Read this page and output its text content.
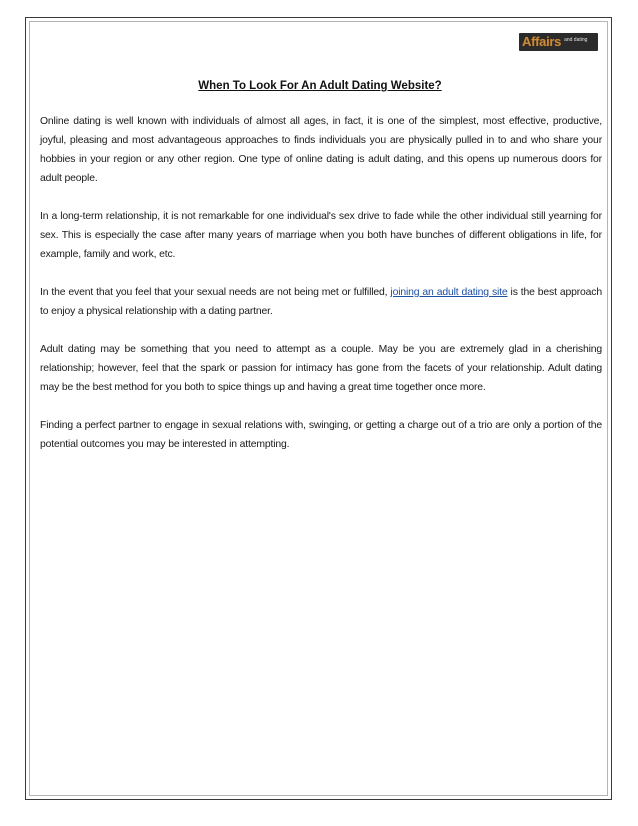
Affairs and dating
When To Look For An Adult Dating Website?

Online dating is well known with individuals of almost all ages, in fact, it is one of the simplest, most effective, productive, joyful, pleasing and most advantageous approaches to finds individuals you are physically pulled in to and who share your hobbies in your region or any other region. One type of online dating is adult dating, and this opens up numerous doors for adult people.

In a long-term relationship, it is not remarkable for one individual's sex drive to fade while the other individual still yearning for sex. This is especially the case after many years of marriage when you both have bunches of different obligations in life, for example, family and work, etc.

In the event that you feel that your sexual needs are not being met or fulfilled, joining an adult dating site is the best approach to enjoy a physical relationship with a dating partner.

Adult dating may be something that you need to attempt as a couple. May be you are extremely glad in a cherishing relationship; however, feel that the spark or passion for intimacy has gone from the facets of your relationship. Adult dating may be the best method for you both to spice things up and having a great time together once more.

Finding a perfect partner to engage in sexual relations with, swinging, or getting a charge out of a trio are only a portion of the potential outcomes you may be interested in attempting.
